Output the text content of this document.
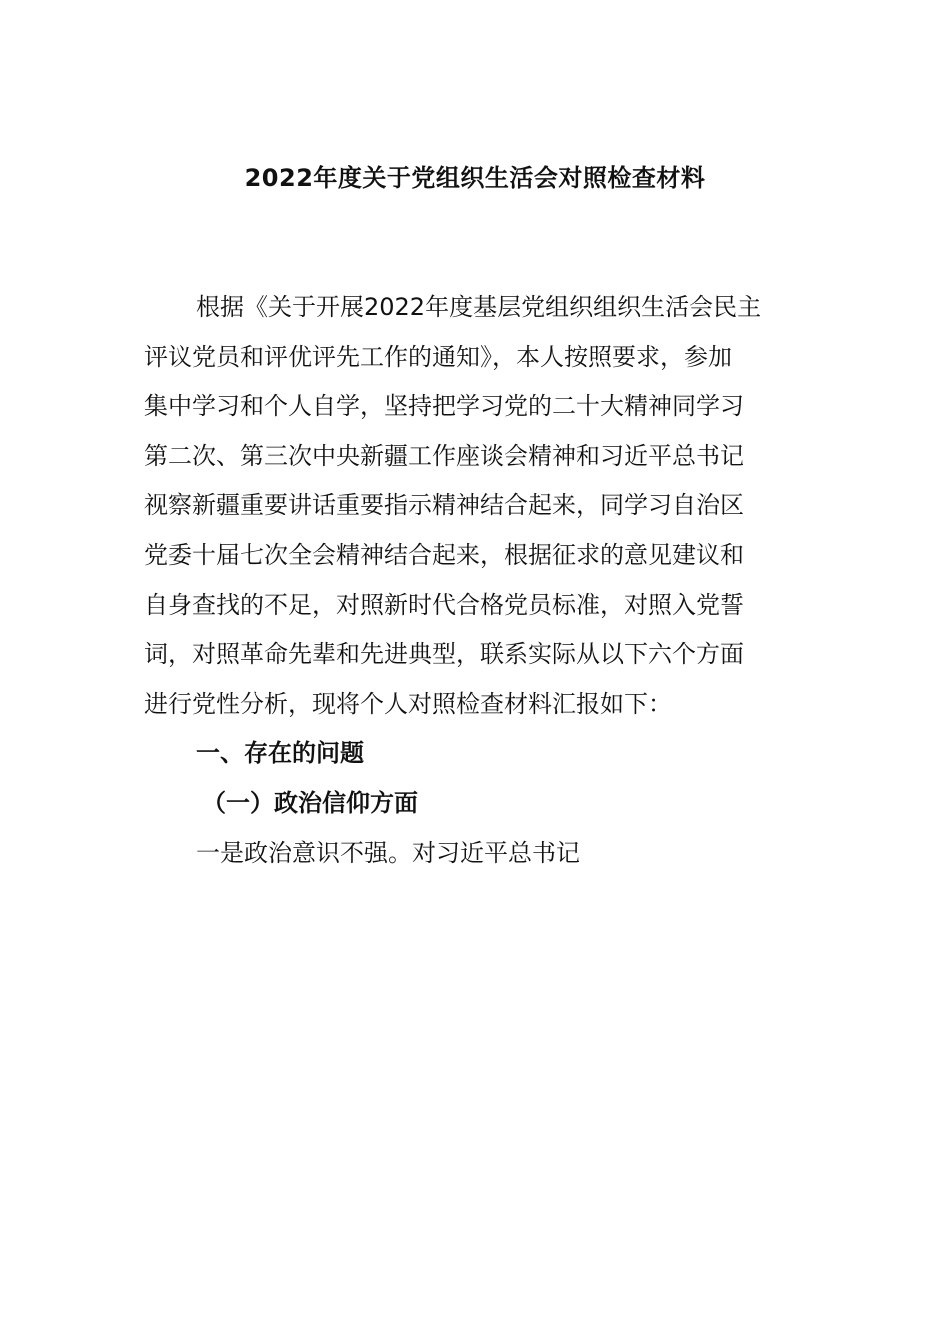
2022年度关于党组织生活会对照检查材料
根据《关于开展2022年度基层党组织组织生活会民主
评议党员和评优评先工作的通知》，本人按照要求，参加
集中学习和个人自学，坚持把学习党的二十大精神同学习
第二次、第三次中央新疆工作座谈会精神和习近平总书记
视察新疆重要讲话重要指示精神结合起来，同学习自治区
党委十届七次全会精神结合起来，根据征求的意见建议和
自身查找的不足，对照新时代合格党员标准，对照入党誓
词，对照革命先辈和先进典型，联系实际从以下六个方面
进行党性分析，现将个人对照检查材料汇报如下：
一、存在的问题
（一）政治信仰方面
一是政治意识不强。对习近平总书记
